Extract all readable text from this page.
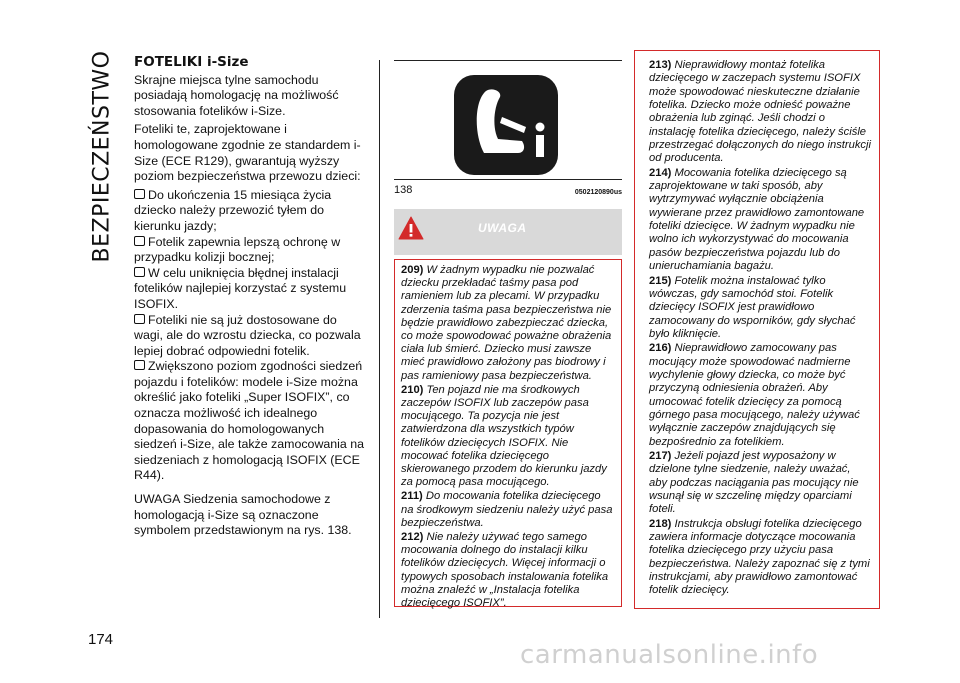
BEZPIECZEŃSTWO FOTELIKI i-Size

Skrajne miejsca tylne samochodu posiadają homologację na możliwość stosowania fotelików i-Size.

Foteliki te, zaprojektowane i homologowane zgodnie ze standardem i-Size (ECE R129), gwarantują wyższy poziom bezpieczeństwa przewozu dzieci:

Do ukończenia 15 miesiąca życia dziecko należy przewozić tyłem do kierunku jazdy;

Fotelik zapewnia lepszą ochronę w przypadku kolizji bocznej;

W celu uniknięcia błędnej instalacji fotelików najlepiej korzystać z systemu ISOFIX.

Foteliki nie są już dostosowane do wagi, ale do wzrostu dziecka, co pozwala lepiej dobrać odpowiedni fotelik.

Zwiększono poziom zgodności siedzeń pojazdu i fotelików: modele i-Size można określić jako foteliki „Super ISOFIX”, co oznacza możliwość ich idealnego dopasowania do homologowanych siedzeń i-Size, ale także zamocowania na siedzeniach z homologacją ISOFIX (ECE R44).

UWAGA Siedzenia samochodowe z homologacją i-Size są oznaczone symbolem przedstawionym na rys. 138.

138	0502120890us
UWAGA

209) W żadnym wypadku nie pozwalać dziecku przekładać taśmy pasa pod ramieniem lub za plecami. W przypadku zderzenia taśma pasa bezpieczeństwa nie będzie prawidłowo zabezpieczać dziecka, co może spowodować poważne obrażenia ciała lub śmierć. Dziecko musi zawsze mieć prawidłowo założony pas biodrowy i pas ramieniowy pasa bezpieczeństwa.

210) Ten pojazd nie ma środkowych zaczepów ISOFIX lub zaczepów pasa mocującego. Ta pozycja nie jest zatwierdzona dla wszystkich typów fotelików dziecięcych ISOFIX. Nie mocować fotelika dziecięcego skierowanego przodem do kierunku jazdy za pomocą pasa mocującego.

211) Do mocowania fotelika dziecięcego na środkowym siedzeniu należy użyć pasa bezpieczeństwa.

212) Nie należy używać tego samego mocowania dolnego do instalacji kilku fotelików dziecięcych. Więcej informacji o typowych sposobach instalowania fotelika można znaleźć w „Instalacja fotelika dziecięcego ISOFIX”.

213) Nieprawidłowy montaż fotelika dziecięcego w zaczepach systemu ISOFIX może spowodować nieskuteczne działanie fotelika. Dziecko może odnieść poważne obrażenia lub zginąć. Jeśli chodzi o instalację fotelika dziecięcego, należy ściśle przestrzegać dołączonych do niego instrukcji od producenta.

214) Mocowania fotelika dziecięcego są zaprojektowane w taki sposób, aby wytrzymywać wyłącznie obciążenia wywierane przez prawidłowo zamontowane foteliki dziecięce. W żadnym wypadku nie wolno ich wykorzystywać do mocowania pasów bezpieczeństwa pojazdu lub do unieruchamiania bagażu.

215) Fotelik można instalować tylko wówczas, gdy samochód stoi. Fotelik dziecięcy ISOFIX jest prawidłowo zamocowany do wsporników, gdy słychać było kliknięcie.

216) Nieprawidłowo zamocowany pas mocujący może spowodować nadmierne wychylenie głowy dziecka, co może być przyczyną odniesienia obrażeń. Aby umocować fotelik dziecięcy za pomocą górnego pasa mocującego, należy używać wyłącznie zaczepów znajdujących się bezpośrednio za fotelikiem.

217) Jeżeli pojazd jest wyposażony w dzielone tylne siedzenie, należy uważać, aby podczas naciągania pas mocujący nie wsunął się w szczelinę między oparciami foteli.

218) Instrukcja obsługi fotelika dziecięcego zawiera informacje dotyczące mocowania fotelika dziecięcego przy użyciu pasa bezpieczeństwa. Należy zapoznać się z tymi instrukcjami, aby prawidłowo zamontować fotelik dziecięcy.

174
carmanualsonline.info
